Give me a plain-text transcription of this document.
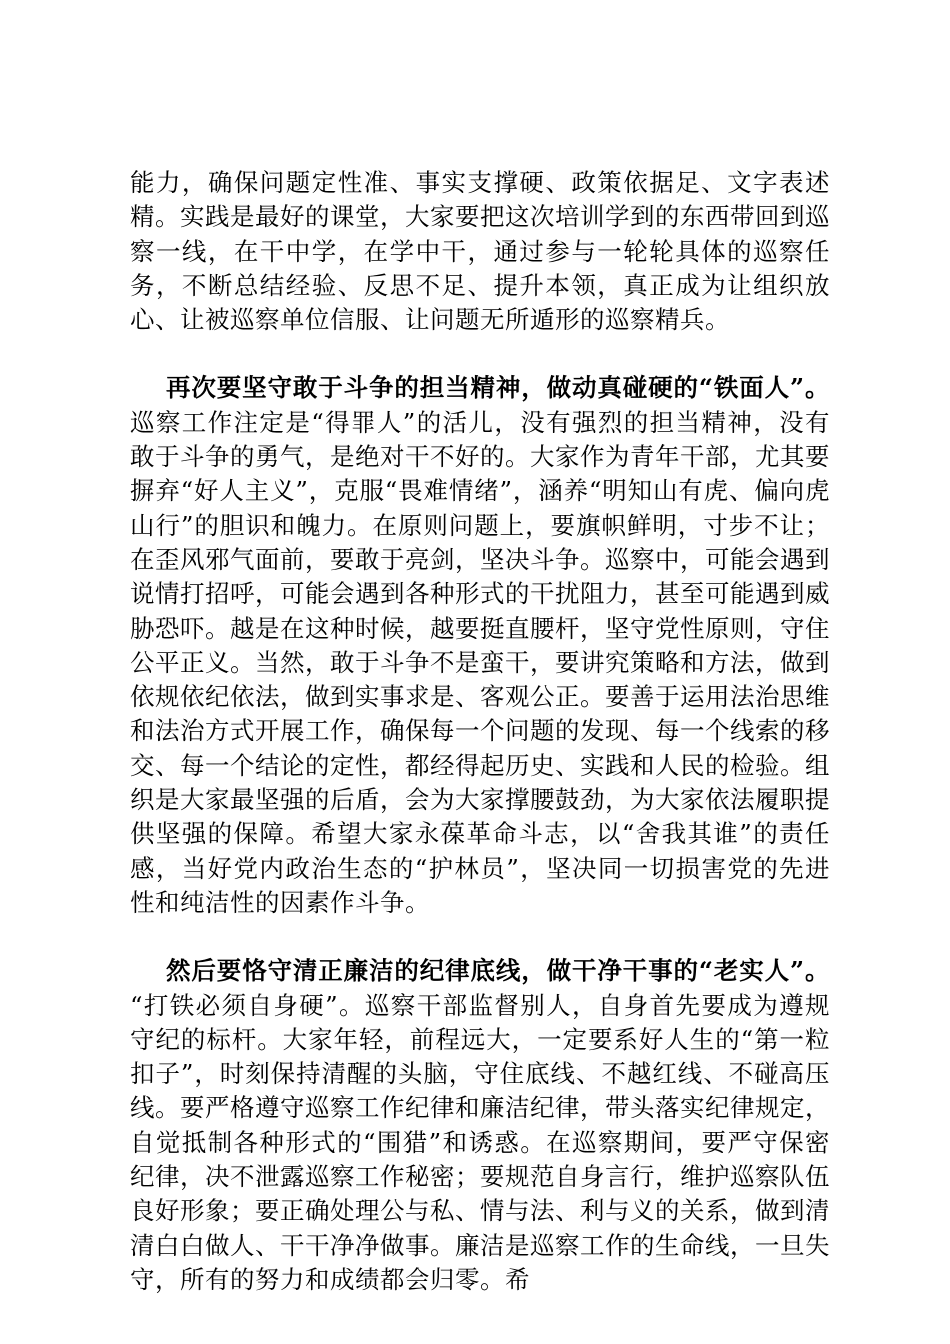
能力，确保问题定性准、事实支撑硬、政策依据足、文字表述精。实践是最好的课堂，大家要把这次培训学到的东西带回到巡察一线，在干中学，在学中干，通过参与一轮轮具体的巡察任务，不断总结经验、反思不足、提升本领，真正成为让组织放心、让被巡察单位信服、让问题无所遁形的巡察精兵。

再次要坚守敢于斗争的担当精神，做动真碰硬的“铁面人”。 巡察工作注定是“得罪人”的活儿，没有强烈的担当精神，没有敢于斗争的勇气，是绝对干不好的。大家作为青年干部，尤其要摒弃“好人主义”，克服“畏难情绪”，涵养“明知山有虎、偏向虎山行”的胆识和魄力。在原则问题上，要旗帜鲜明，寸步不让；在歪风邪气面前，要敢于亮剑，坚决斗争。巡察中，可能会遇到说情打招呼，可能会遇到各种形式的干扰阻力，甚至可能遇到威胁恐吓。越是在这种时候，越要挺直腰杆，坚守党性原则，守住公平正义。当然，敢于斗争不是蛮干，要讲究策略和方法，做到依规依纪依法，做到实事求是、客观公正。要善于运用法治思维和法治方式开展工作，确保每一个问题的发现、每一个线索的移交、每一个结论的定性，都经得起历史、实践和人民的检验。组织是大家最坚强的后盾，会为大家撑腰鼓劲，为大家依法履职提供坚强的保障。希望大家永葆革命斗志，以“舍我其谁”的责任感，当好党内政治生态的“护林员”，坚决同一切损害党的先进性和纯洁性的因素作斗争。

然后要恪守清正廉洁的纪律底线，做干净干事的“老实人”。 “打铁必须自身硬”。巡察干部监督别人，自身首先要成为遵规守纪的标杆。大家年轻，前程远大，一定要系好人生的“第一粒扣子”，时刻保持清醒的头脑，守住底线、不越红线、不碰高压线。要严格遵守巡察工作纪律和廉洁纪律，带头落实纪律规定，自觉抵制各种形式的“围猎”和诱惑。在巡察期间，要严守保密纪律，决不泄露巡察工作秘密；要规范自身言行，维护巡察队伍良好形象；要正确处理公与私、情与法、利与义的关系，做到清清白白做人、干干净净做事。廉洁是巡察工作的生命线，一旦失守，所有的努力和成绩都会归零。希
